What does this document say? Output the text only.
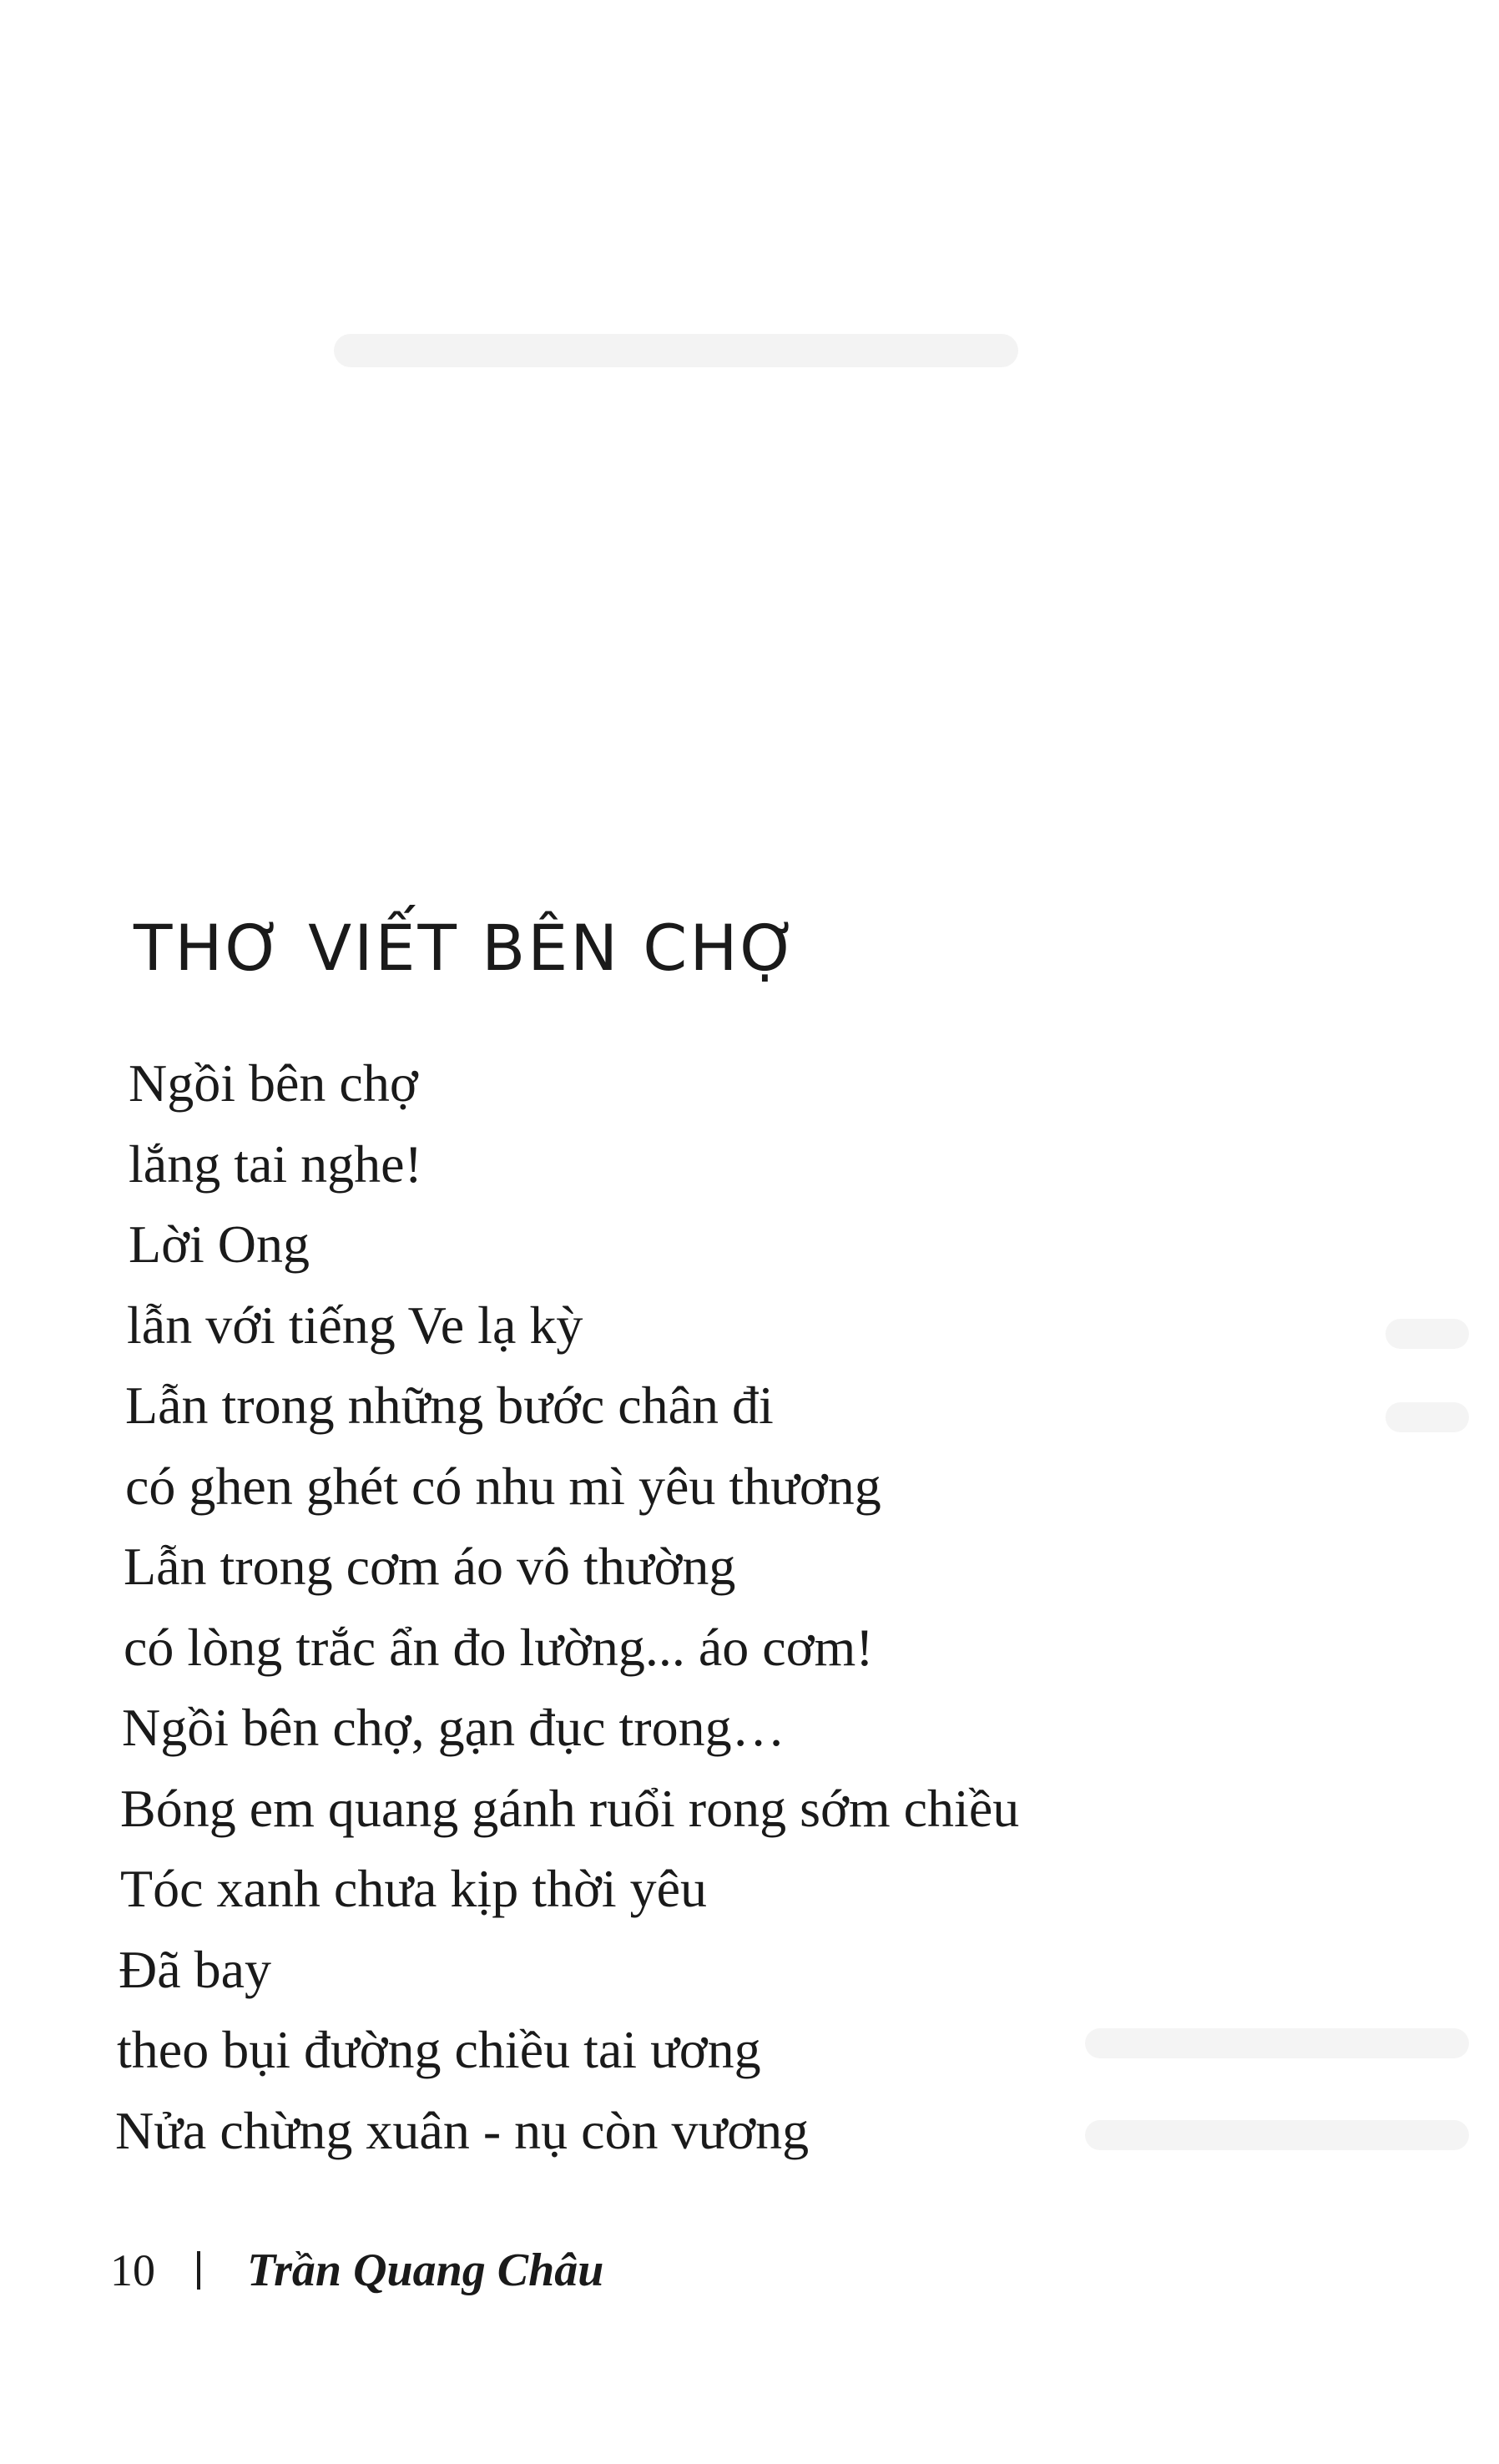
THƠ VIẾT BÊN CHỢ
Ngồi bên chợ
lắng tai nghe!
Lời Ong
lẫn với tiếng Ve lạ kỳ
Lẫn trong những bước chân đi
có ghen ghét có nhu mì yêu thương
Lẫn trong cơm áo vô thường
có lòng trắc ẩn đo lường... áo cơm!
Ngồi bên chợ, gạn đục trong…
Bóng em quang gánh ruổi rong sớm chiều
Tóc xanh chưa kịp thời yêu
Đã bay
theo bụi đường chiều tai ương
Nửa chừng xuân - nụ còn vương
10 Trần Quang Châu
